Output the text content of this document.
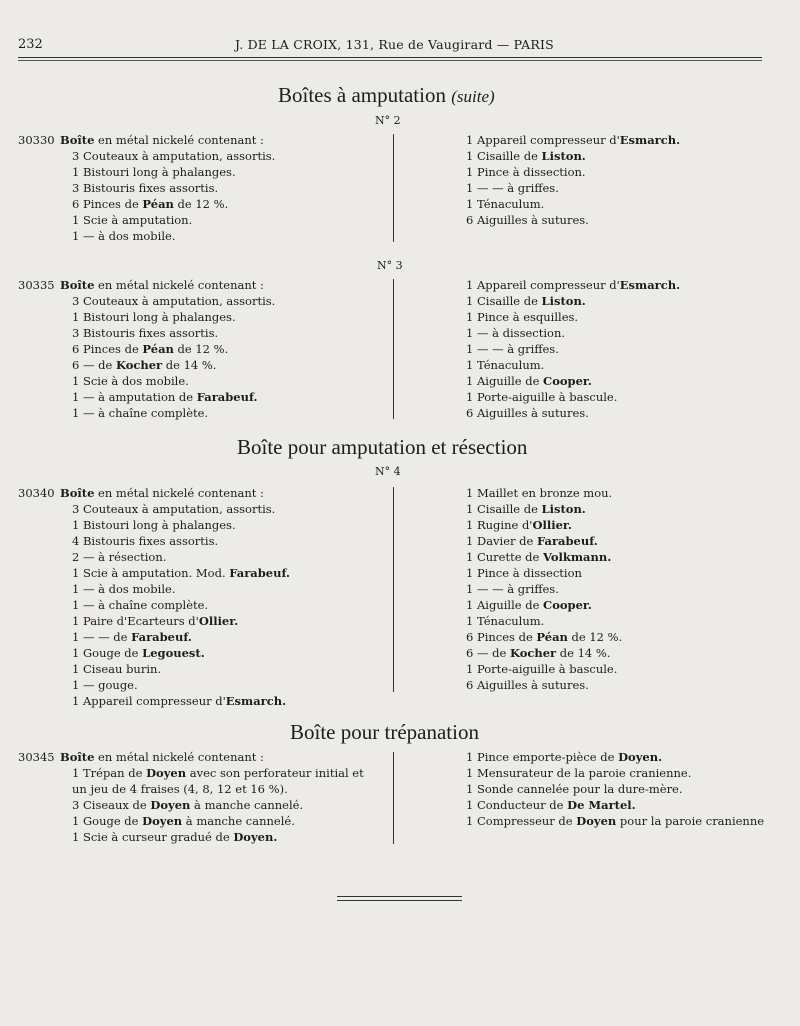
232	J. DE LA CROIX, 131, Rue de Vaugirard — PARIS
Boîtes à amputation (suite)
N° 2
30330 Boîte en métal nickelé contenant :
3 Couteaux à amputation, assortis.
1 Bistouri long à phalanges.
3 Bistouris fixes assortis.
6 Pinces de Péan de 12 %.
1 Scie à amputation.
1 — à dos mobile.
1 Appareil compresseur d'Esmarch.
1 Cisaille de Liston.
1 Pince à dissection.
1 — — à griffes.
1 Ténaculum.
6 Aiguilles à sutures.
N° 3
30335 Boîte en métal nickelé contenant :
3 Couteaux à amputation, assortis.
1 Bistouri long à phalanges.
3 Bistouris fixes assortis.
6 Pinces de Péan de 12 %.
6 — de Kocher de 14 %.
1 Scie à dos mobile.
1 — à amputation de Farabeuf.
1 — à chaîne complète.
1 Appareil compresseur d'Esmarch.
1 Cisaille de Liston.
1 Pince à esquilles.
1 — à dissection.
1 — — à griffes.
1 Ténaculum.
1 Aiguille de Cooper.
1 Porte-aiguille à bascule.
6 Aiguilles à sutures.
Boîte pour amputation et résection
N° 4
30340 Boîte en métal nickelé contenant :
3 Couteaux à amputation, assortis.
1 Bistouri long à phalanges.
4 Bistouris fixes assortis.
2 — à résection.
1 Scie à amputation. Mod. Farabeuf.
1 — à dos mobile.
1 — à chaîne complète.
1 Paire d'Ecarteurs d'Ollier.
1 — — de Farabeuf.
1 Gouge de Legouest.
1 Ciseau burin.
1 — gouge.
1 Appareil compresseur d'Esmarch.
1 Maillet en bronze mou.
1 Cisaille de Liston.
1 Rugine d'Ollier.
1 Davier de Farabeuf.
1 Curette de Volkmann.
1 Pince à dissection
1 — — à griffes.
1 Aiguille de Cooper.
1 Ténaculum.
6 Pinces de Péan de 12 %.
6 — de Kocher de 14 %.
1 Porte-aiguille à bascule.
6 Aiguilles à sutures.
Boîte pour trépanation
30345 Boîte en métal nickelé contenant :
1 Trépan de Doyen avec son perforateur initial et
un jeu de 4 fraises (4, 8, 12 et 16 %).
3 Ciseaux de Doyen à manche cannelé.
1 Gouge de Doyen à manche cannelé.
1 Scie à curseur gradué de Doyen.
1 Pince emporte-pièce de Doyen.
1 Mensurateur de la paroie cranienne.
1 Sonde cannelée pour la dure-mère.
1 Conducteur de De Martel.
1 Compresseur de Doyen pour la paroie cranienne
